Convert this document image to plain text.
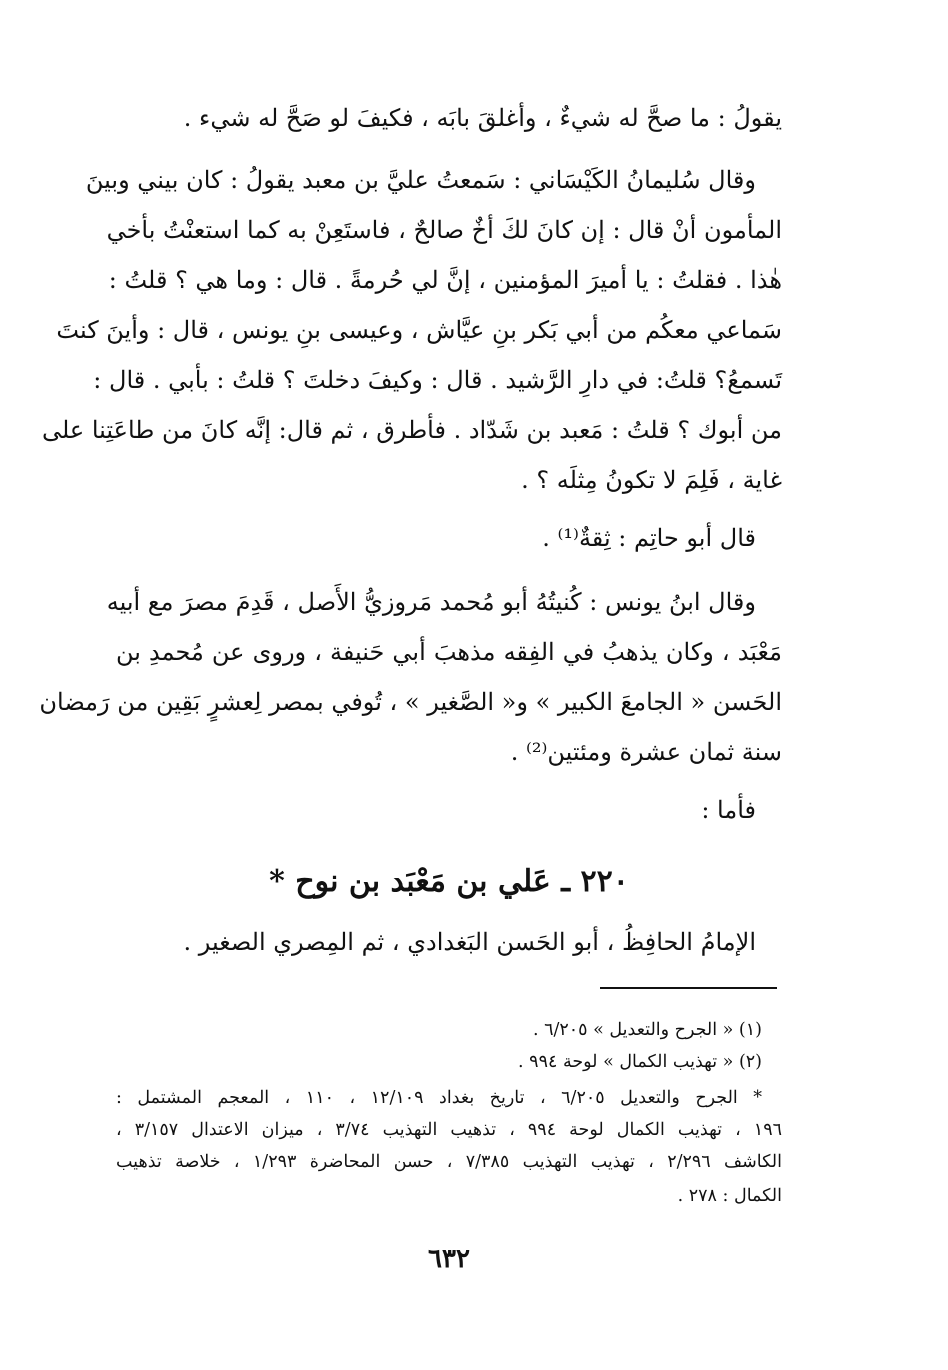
يقولُ : ما صحَّ له شيءٌ ، وأغلقَ بابَه ، فكيفَ لو صَحَّ له شيء .

وقال سُليمانُ الكَيْسَاني : سَمعتُ عليَّ بن معبد يقولُ : كان بيني وبينَ

المأمون أنْ قال : إن كانَ لكَ أخٌ صالحٌ ، فاستَعِنْ به كما استعنْتُ بأخي

هٰذا . فقلتُ : يا أميرَ المؤمنين ، إنَّ لي حُرمةً . قال : وما هي ؟ قلتُ :

سَماعي معكُم من أبي بَكر بنِ عيَّاش ، وعيسى بنِ يونس ، قال : وأينَ كنتَ

تَسمعُ؟ قلتُ: في دارِ الرَّشيد . قال : وكيفَ دخلتَ ؟ قلتُ : بأبي . قال :

من أبوك ؟ قلتُ : مَعبد بن شَدّاد . فأطرق ، ثم قال: إنَّه كانَ من طاعَتِنا على

غاية ، فَلِمَ لا تكونُ مِثلَه ؟ .

قال أبو حاتِم : ثِقةٌ⁽¹⁾ .

وقال ابنُ يونس : كُنيتُهُ أبو مُحمد مَروزيُّ الأَصل ، قَدِمَ مصرَ مع أبيه

مَعْبَد ، وكان يذهبُ في الفِقه مذهبَ أبي حَنيفة ، وروى عن مُحمدِ بن

الحَسن « الجامعَ الكبير » و« الصَّغير » ، تُوفي بمصر لِعشرٍ بَقِين من رَمضان

سنة ثمان عشرة ومئتين⁽²⁾ .

فأما :

٢٢٠ ـ عَلي بن مَعْبَد بن نوح *

الإمامُ الحافِظُ ، أبو الحَسن البَغدادي ، ثم المِصري الصغير .

(١) « الجرح والتعديل » ٦/٢٠٥ .

(٢) « تهذيب الكمال » لوحة ٩٩٤ .

* الجرح والتعديل ٦/٢٠٥ ، تاريخ بغداد ١٢/١٠٩ ، ١١٠ ، المعجم المشتمل :

١٩٦ ، تهذيب الكمال لوحة ٩٩٤ ، تذهيب التهذيب ٣/٧٤ ، ميزان الاعتدال ٣/١٥٧ ،

الكاشف ٢/٢٩٦ ، تهذيب التهذيب ٧/٣٨٥ ، حسن المحاضرة ١/٢٩٣ ، خلاصة تذهيب

الكمال : ٢٧٨ .

٦٣٢
